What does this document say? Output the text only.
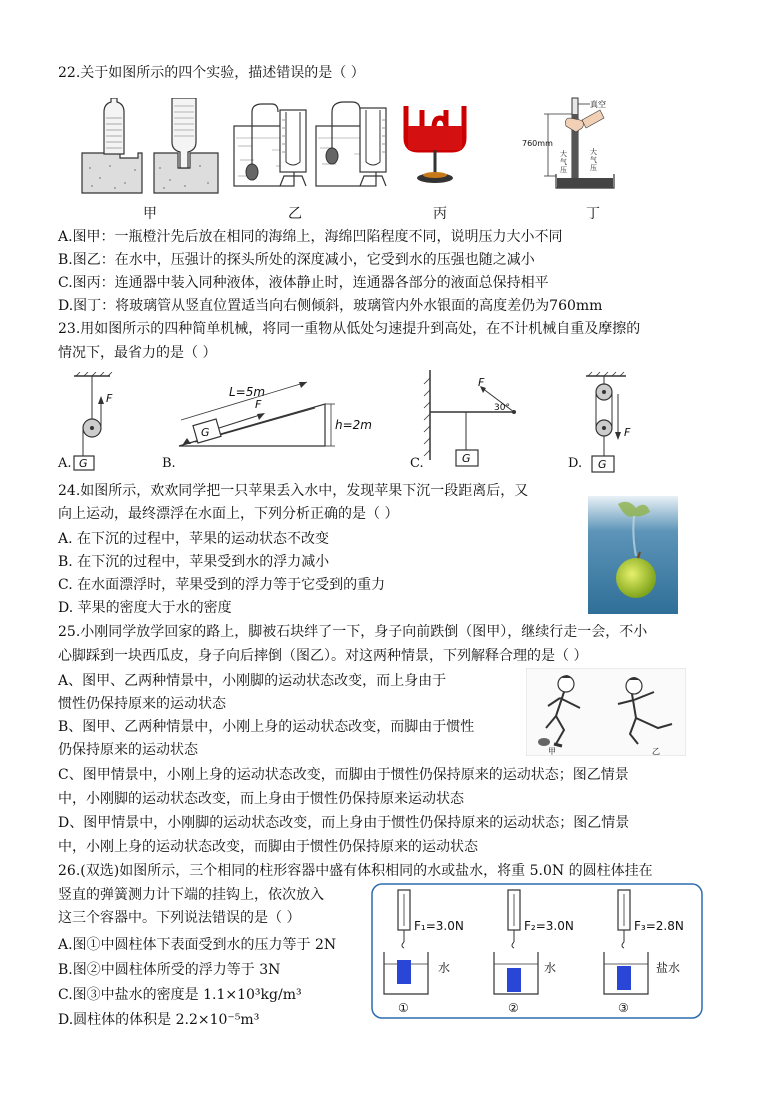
22.关于如图所示的四个实验，描述错误的是（ ）
真空
760mm
大
气
压
大
气
压
甲	乙	丙	丁
A.图甲：一瓶橙汁先后放在相同的海绵上，海绵凹陷程度不同，说明压力大小不同
B.图乙：在水中，压强计的探头所处的深度减小，它受到水的压强也随之减小
C.图丙：连通器中装入同种液体，液体静止时，连通器各部分的液面总保持相平
D.图丁：将玻璃管从竖直位置适当向右侧倾斜，玻璃管内外水银面的高度差仍为760mm
23.用如图所示的四种简单机械，将同一重物从低处匀速提升到高处，在不计机械自重及摩擦的
情况下，最省力的是（ ）
F
G
A.
G
F
L=5m
h=2m
B.
F
30°
G
C.
F
G
D.
24.如图所示，欢欢同学把一只苹果丢入水中，发现苹果下沉一段距离后，又
向上运动，最终漂浮在水面上，下列分析正确的是（ ）
A. 在下沉的过程中，苹果的运动状态不改变
B. 在下沉的过程中，苹果受到水的浮力减小
C. 在水面漂浮时，苹果受到的浮力等于它受到的重力
D. 苹果的密度大于水的密度
25.小刚同学放学回家的路上，脚被石块绊了一下，身子向前跌倒（图甲），继续行走一会，不小
心脚踩到一块西瓜皮，身子向后摔倒（图乙）。对这两种情景，下列解释合理的是（ ）
A、图甲、乙两种情景中，小刚脚的运动状态改变，而上身由于
惯性仍保持原来的运动状态
B、图甲、乙两种情景中，小刚上身的运动状态改变，而脚由于惯性
仍保持原来的运动状态
C、图甲情景中，小刚上身的运动状态改变，而脚由于惯性仍保持原来的运动状态；图乙情景
中，小刚脚的运动状态改变，而上身由于惯性仍保持原来运动状态
D、图甲情景中，小刚脚的运动状态改变，而上身由于惯性仍保持原来的运动状态；图乙情景
中，小刚上身的运动状态改变，而脚由于惯性仍保持原来的运动状态
甲	乙
26.(双选)如图所示，三个相同的柱形容器中盛有体积相同的水或盐水，将重 5.0N 的圆柱体挂在
竖直的弹簧测力计下端的挂钩上，依次放入
这三个容器中。下列说法错误的是（ ）
A.图①中圆柱体下表面受到水的压力等于 2N
B.图②中圆柱体所受的浮力等于 3N
C.图③中盐水的密度是 1.1×10³kg/m³
D.圆柱体的体积是 2.2×10⁻⁵m³
F₁=3.0N
水
①
F₂=3.0N
水
②
F₃=2.8N
盐水
③
